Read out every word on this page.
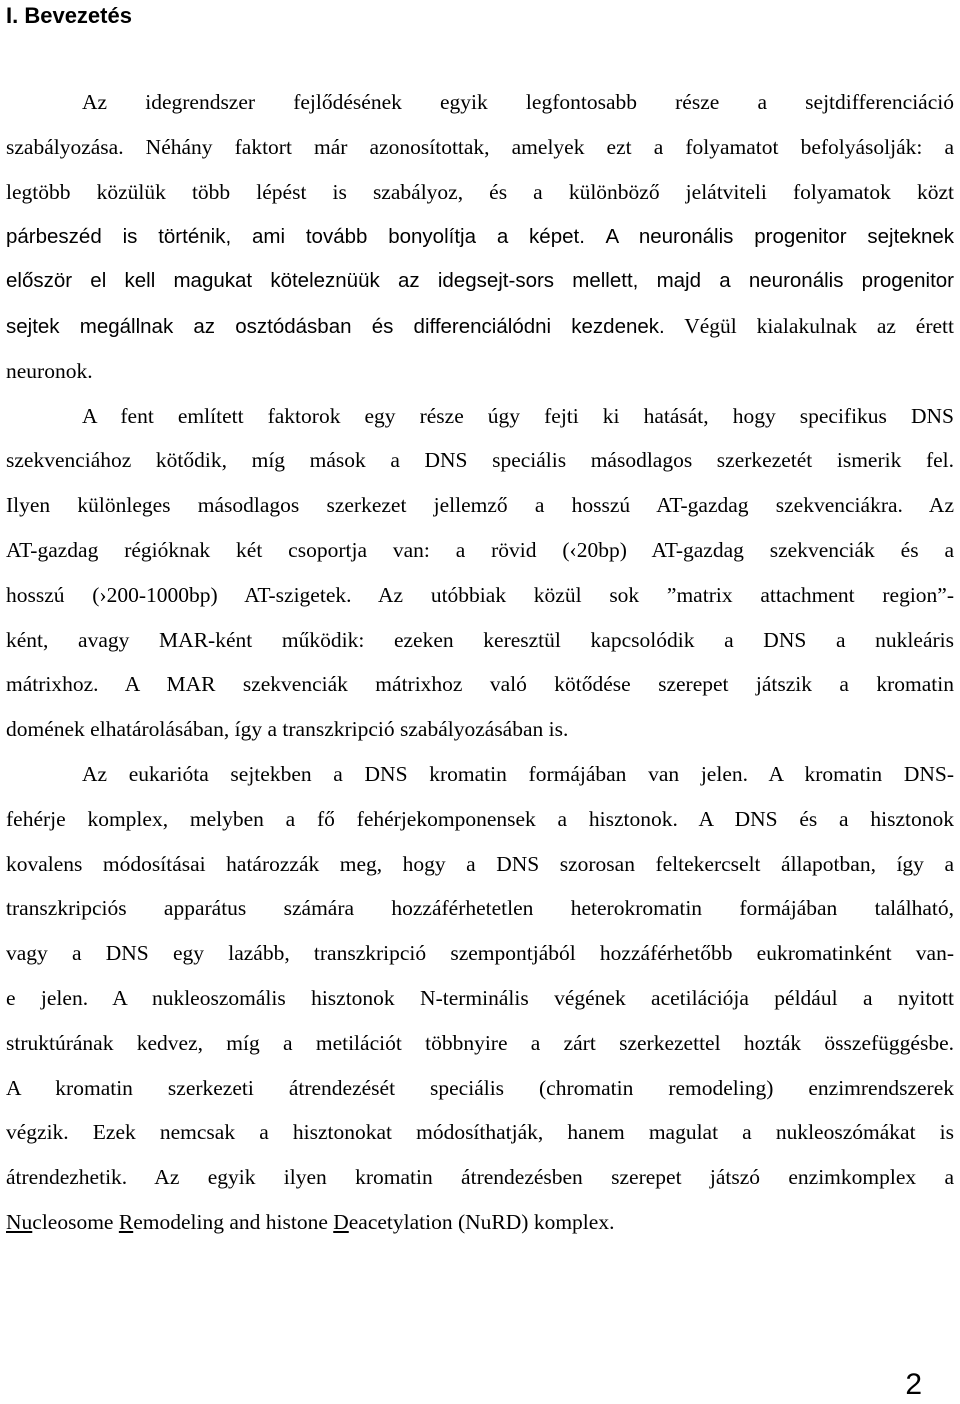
I. Bevezetés
Az idegrendszer fejlődésének egyik legfontosabb része a sejtdifferenciáció
szabályozása. Néhány faktort már azonosítottak, amelyek ezt a folyamatot befolyásolják: a
legtöbb közülük több lépést is szabályoz, és a különböző jelátviteli folyamatok közt
párbeszéd is történik, ami tovább bonyolítja a képet. A neuronális progenitor sejteknek
először el kell magukat köteleznüük az idegsejt-sors mellett, majd a neuronális progenitor
sejtek megállnak az osztódásban és differenciálódni kezdenek. Végül kialakulnak az érett
neuronok.
A fent említett faktorok egy része úgy fejti ki hatását, hogy specifikus DNS
szekvenciához kötődik, míg mások a DNS speciális másodlagos szerkezetét ismerik fel.
Ilyen különleges másodlagos szerkezet jellemző a hosszú AT-gazdag szekvenciákra. Az
AT-gazdag régióknak két csoportja van: a rövid (‹20bp) AT-gazdag szekvenciák és a
hosszú (›200-1000bp) AT-szigetek. Az utóbbiak közül sok ”matrix attachment region”-
ként, avagy MAR-ként működik: ezeken keresztül kapcsolódik a DNS a nukleáris
mátrixhoz. A MAR szekvenciák mátrixhoz való kötődése szerepet játszik a kromatin
domének elhatárolásában, így a transzkripció szabályozásában is.
Az eukarióta sejtekben a DNS kromatin formájában van jelen. A kromatin DNS-
fehérje komplex, melyben a fő fehérjekomponensek a hisztonok. A DNS és a hisztonok
kovalens módosításai határozzák meg, hogy a DNS szorosan feltekercselt állapotban, így a
transzkripciós apparátus számára hozzáférhetetlen heterokromatin formájában található,
vagy a DNS egy lazább, transzkripció szempontjából hozzáférhetőbb eukromatinként van-
e jelen. A nukleoszomális hisztonok N-terminális végének acetilációja például a nyitott
struktúrának kedvez, míg a metilációt többnyire a zárt szerkezettel hozták összefüggésbe.
A kromatin szerkezeti átrendezését speciális (chromatin remodeling) enzimrendszerek
végzik. Ezek nemcsak a hisztonokat módosíthatják, hanem magulat a nukleoszómákat is
átrendezhetik. Az egyik ilyen kromatin átrendezésben szerepet játszó enzimkomplex a
Nucleosome Remodeling and histone Deacetylation (NuRD) komplex.
2
